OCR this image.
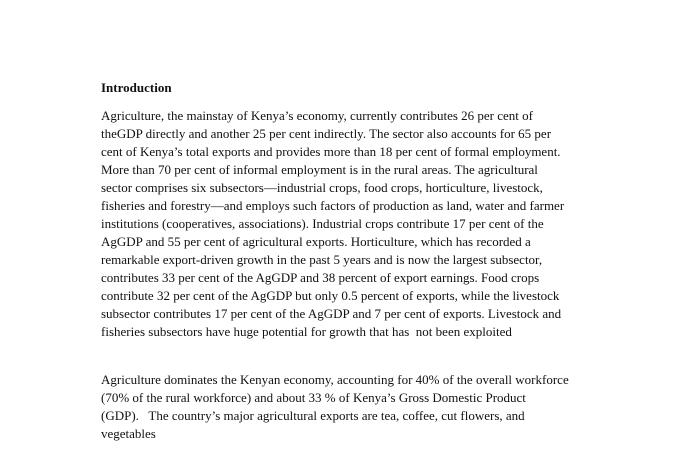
Introduction
Agriculture, the mainstay of Kenya’s economy, currently contributes 26 per cent of
theGDP directly and another 25 per cent indirectly. The sector also accounts for 65 per
cent of Kenya’s total exports and provides more than 18 per cent of formal employment.
More than 70 per cent of informal employment is in the rural areas. The agricultural
sector comprises six subsectors—industrial crops, food crops, horticulture, livestock,
fisheries and forestry—and employs such factors of production as land, water and farmer
institutions (cooperatives, associations). Industrial crops contribute 17 per cent of the
AgGDP and 55 per cent of agricultural exports. Horticulture, which has recorded a
remarkable export-driven growth in the past 5 years and is now the largest subsector,
contributes 33 per cent of the AgGDP and 38 percent of export earnings. Food crops
contribute 32 per cent of the AgGDP but only 0.5 percent of exports, while the livestock
subsector contributes 17 per cent of the AgGDP and 7 per cent of exports. Livestock and
fisheries subsectors have huge potential for growth that has  not been exploited
Agriculture dominates the Kenyan economy, accounting for 40% of the overall workforce
(70% of the rural workforce) and about 33 % of Kenya’s Gross Domestic Product
(GDP).   The country’s major agricultural exports are tea, coffee, cut flowers, and
vegetables
